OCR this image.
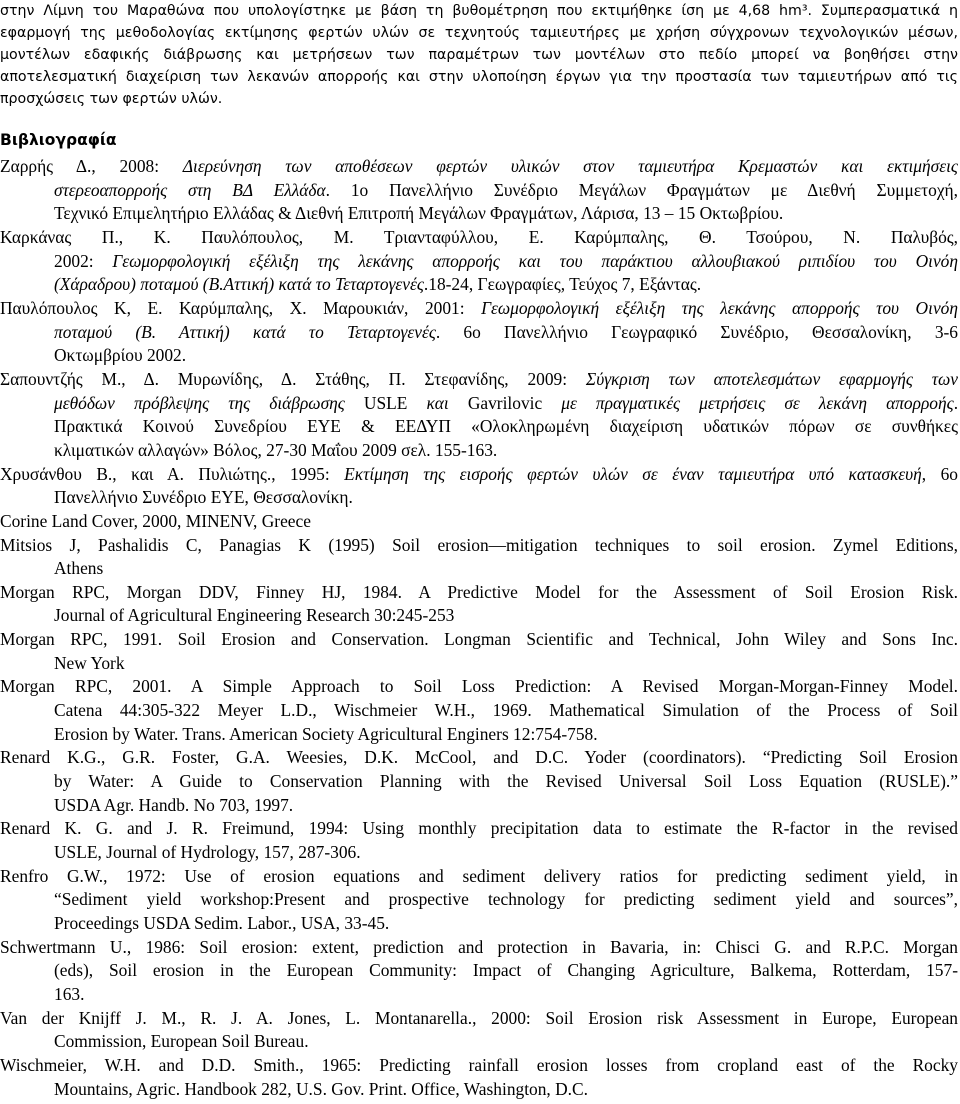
στην Λίμνη του Μαραθώνα που υπολογίστηκε με βάση τη βυθομέτρηση που εκτιμήθηκε ίση με 4,68 hm³. Συμπερασματικά η
εφαρμογή της μεθοδολογίας εκτίμησης φερτών υλών σε τεχνητούς ταμιευτήρες με χρήση σύγχρονων τεχνολογικών μέσων,
μοντέλων εδαφικής διάβρωσης και μετρήσεων των παραμέτρων των μοντέλων στο πεδίο μπορεί να βοηθήσει στην
αποτελεσματική διαχείριση των λεκανών απορροής και στην υλοποίηση έργων για την προστασία των ταμιευτήρων από τις
προσχώσεις των φερτών υλών.
Βιβλιογραφία
Ζαρρής Δ., 2008: Διερεύνηση των αποθέσεων φερτών υλικών στον ταμιευτήρα Κρεμαστών και εκτιμήσεις
στερεοαπορροής στη ΒΔ Ελλάδα. 1ο Πανελλήνιο Συνέδριο Μεγάλων Φραγμάτων με Διεθνή Συμμετοχή,
Τεχνικό Επιμελητήριο Ελλάδας & Διεθνή Επιτροπή Μεγάλων Φραγμάτων, Λάρισα, 13 – 15 Οκτωβρίου.
Καρκάνας Π., Κ. Παυλόπουλος, Μ. Τριανταφύλλου, Ε. Καρύμπαλης, Θ. Τσούρου, Ν. Παλυβός,
2002: Γεωμορφολογική εξέλιξη της λεκάνης απορροής και του παράκτιου αλλουβιακού ριπιδίου του Οινόη
(Χάραδρου) ποταμού (Β.Αττική) κατά το Τεταρτογενές.18-24, Γεωγραφίες, Τεύχος 7, Εξάντας.
Παυλόπουλος Κ, Ε. Καρύμπαλης, Χ. Μαρουκιάν, 2001: Γεωμορφολογική εξέλιξη της λεκάνης απορροής του Οινόη
ποταμού (Β. Αττική) κατά το Τεταρτογενές. 6ο Πανελλήνιο Γεωγραφικό Συνέδριο, Θεσσαλονίκη, 3-6
Οκτωμβρίου 2002.
Σαπουντζής Μ., Δ. Μυρωνίδης, Δ. Στάθης, Π. Στεφανίδης, 2009: Σύγκριση των αποτελεσμάτων εφαρμογής των
μεθόδων πρόβλεψης της διάβρωσης USLE και Gavrilovic με πραγματικές μετρήσεις σε λεκάνη απορροής.
Πρακτικά Κοινού Συνεδρίου ΕΥΕ & ΕΕΔΥΠ «Ολοκληρωμένη διαχείριση υδατικών πόρων σε συνθήκες
κλιματικών αλλαγών» Βόλος, 27-30 Μαΐου 2009 σελ. 155-163.
Χρυσάνθου Β., και Α. Πυλιώτης., 1995: Εκτίμηση της εισροής φερτών υλών σε έναν ταμιευτήρα υπό κατασκευή, 6ο
Πανελλήνιο Συνέδριο ΕΥΕ, Θεσσαλονίκη.
Corine Land Cover, 2000, MINENV, Greece
Mitsios J, Pashalidis C, Panagias K (1995) Soil erosion—mitigation techniques to soil erosion. Zymel Editions,
Athens
Morgan RPC, Morgan DDV, Finney HJ, 1984. A Predictive Model for the Assessment of Soil Erosion Risk.
Journal of Agricultural Engineering Research 30:245-253
Morgan RPC, 1991. Soil Erosion and Conservation. Longman Scientific and Technical, John Wiley and Sons Inc.
New York
Morgan RPC, 2001. A Simple Approach to Soil Loss Prediction: A Revised Morgan-Morgan-Finney Model.
Catena 44:305-322 Meyer L.D., Wischmeier W.H., 1969. Mathematical Simulation of the Process of Soil
Erosion by Water. Trans. American Society Agricultural Enginers 12:754-758.
Renard K.G., G.R. Foster, G.A. Weesies, D.K. McCool, and D.C. Yoder (coordinators). “Predicting Soil Erosion
by Water: A Guide to Conservation Planning with the Revised Universal Soil Loss Equation (RUSLE).”
USDA Agr. Handb. No 703, 1997.
Renard K. G. and J. R. Freimund, 1994: Using monthly precipitation data to estimate the R-factor in the revised
USLE, Journal of Hydrology, 157, 287-306.
Renfro G.W., 1972: Use of erosion equations and sediment delivery ratios for predicting sediment yield, in
“Sediment yield workshop:Present and prospective technology for predicting sediment yield and sources”,
Proceedings USDA Sedim. Labor., USA, 33-45.
Schwertmann U., 1986: Soil erosion: extent, prediction and protection in Bavaria, in: Chisci G. and R.P.C. Morgan
(eds), Soil erosion in the European Community: Impact of Changing Agriculture, Balkema, Rotterdam, 157-
163.
Van der Knijff J. M., R. J. A. Jones, L. Montanarella., 2000: Soil Erosion risk Assessment in Europe, European
Commission, European Soil Bureau.
Wischmeier, W.H. and D.D. Smith., 1965: Predicting rainfall erosion losses from cropland east of the Rocky
Mountains, Agric. Handbook 282, U.S. Gov. Print. Office, Washington, D.C.
